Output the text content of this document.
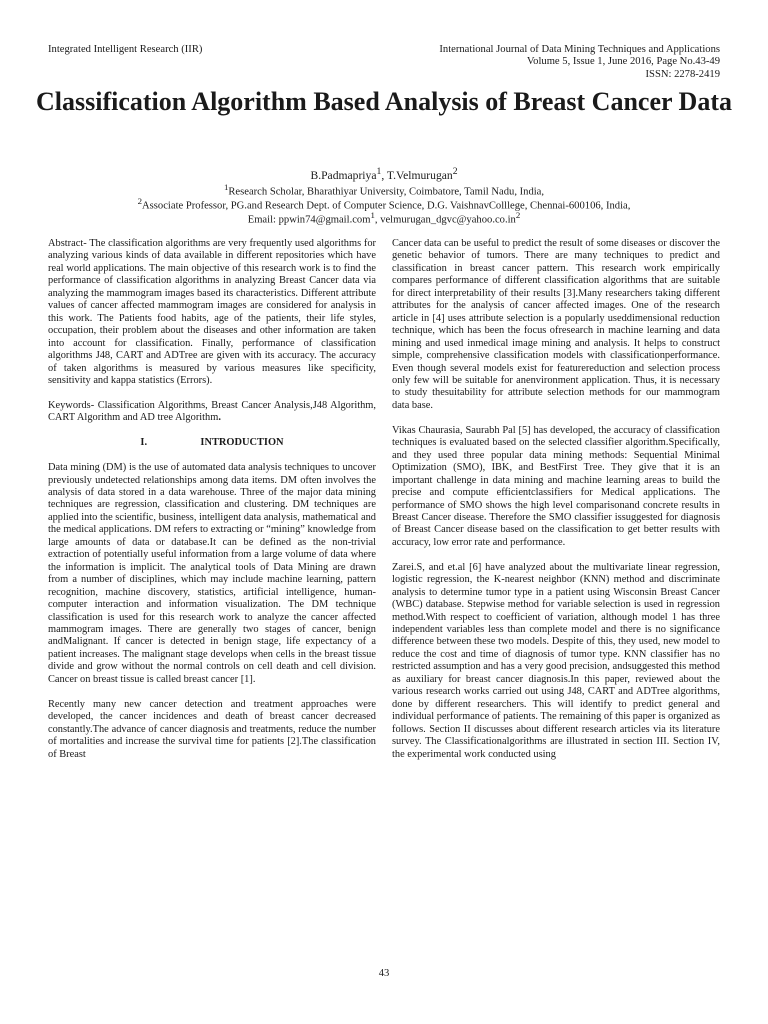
Integrated Intelligent Research (IIR)	International Journal of Data Mining Techniques and Applications
Volume 5, Issue 1, June 2016, Page No.43-49
ISSN: 2278-2419
Classification Algorithm Based Analysis of Breast Cancer Data
B.Padmapriya$^1$, T.Velmurugan$^2$
$^1$Research Scholar, Bharathiyar University, Coimbatore, Tamil Nadu, India,
$^2$Associate Professor, PG.and Research Dept. of Computer Science, D.G. VaishnavColllege, Chennai-600106, India,
Email: ppwin74@gmail.com$^1$, $velmurugan\_dgvc@yahoo.co.in^2$

Abstract- The classification algorithms are very frequently used algorithms for analyzing various kinds of data available in different repositories which have real world applications. The main objective of this research work is to find the performance of classification algorithms in analyzing Breast Cancer data via analyzing the mammogram images based its characteristics. Different attribute values of cancer affected mammogram images are considered for analysis in this work. The Patients food habits, age of the patients, their life styles, occupation, their problem about the diseases and other information are taken into account for classification. Finally, performance of classification algorithms J48, CART and ADTree are given with its accuracy. The accuracy of taken algorithms is measured by various measures like specificity, sensitivity and kappa statistics (Errors).

Keywords- Classification Algorithms, Breast Cancer Analysis,J48 Algorithm, CART Algorithm and AD tree Algorithm.

I.	INTRODUCTION

Data mining (DM) is the use of automated data analysis techniques to uncover previously undetected relationships among data items. DM often involves the analysis of data stored in a data warehouse. Three of the major data mining techniques are regression, classification and clustering. DM techniques are applied into the scientific, business, intelligent data analysis, mathematical and the medical applications. DM refers to extracting or “mining” knowledge from large amounts of data or database.It can be defined as the non-trivial extraction of potentially useful information from a large volume of data where the information is implicit. The analytical tools of Data Mining are drawn from a number of disciplines, which may include machine learning, pattern recognition, machine discovery, statistics, artificial intelligence, human-computer interaction and information visualization. The DM technique classification is used for this research work to analyze the cancer affected mammogram images. There are generally two stages of cancer, benign andMalignant. If cancer is detected in benign stage, life expectancy of a patient increases. The malignant stage develops when cells in the breast tissue divide and grow without the normal controls on cell death and cell division. Cancer on breast tissue is called breast cancer [1].

Recently many new cancer detection and treatment approaches were developed, the cancer incidences and death of breast cancer decreased constantly.The advance of cancer diagnosis and treatments, reduce the number of mortalities and increase the survival time for patients [2].The classification of Breast

Cancer data can be useful to predict the result of some diseases or discover the genetic behavior of tumors. There are many techniques to predict and classification in breast cancer pattern. This research work empirically compares performance of different classification algorithms that are suitable for direct interpretability of their results [3].Many researchers taking different attributes for the analysis of cancer affected images. One of the research article in [4] uses attribute selection is a popularly useddimensional reduction technique, which has been the focus ofresearch in machine learning and data mining and used inmedical image mining and analysis. It helps to construct simple, comprehensive classification models with classificationperformance. Even though several models exist for featurereduction and selection process only few will be suitable for anenvironment application. Thus, it is necessary to study thesuitability for attribute selection methods for our mammogram data base.

Vikas Chaurasia, Saurabh Pal [5] has developed, the accuracy of classification techniques is evaluated based on the selected classifier algorithm.Specifically, and they used three popular data mining methods: Sequential Minimal Optimization (SMO), IBK, and BestFirst Tree. They give that it is an important challenge in data mining and machine learning areas to build the precise and compute efficientclassifiers for Medical applications. The performance of SMO shows the high level comparisonand concrete results in Breast Cancer disease. Therefore the SMO classifier issuggested for diagnosis of Breast Cancer disease based on the classification to get better results with accuracy, low error rate and performance.

Zarei.S, and et.al [6] have analyzed about the multivariate linear regression, logistic regression, the K-nearest neighbor (KNN) method and discriminate analysis to determine tumor type in a patient using Wisconsin Breast Cancer (WBC) database. Stepwise method for variable selection is used in regression method.With respect to coefficient of variation, although model 1 has three independent variables less than complete model and there is no significance difference between these two models. Despite of this, they used, new model to reduce the cost and time of diagnosis of tumor type. KNN classifier has no restricted assumption and has a very good precision, andsuggested this method as auxiliary for breast cancer diagnosis.In this paper, reviewed about the various research works carried out using J48, CART and ADTree algorithms, done by different researchers. This will identify to predict general and individual performance of patients. The remaining of this paper is organized as follows. Section II discusses about different research articles via its literature survey. The Classificationalgorithms are illustrated in section III. Section IV, the experimental work conducted using

43
